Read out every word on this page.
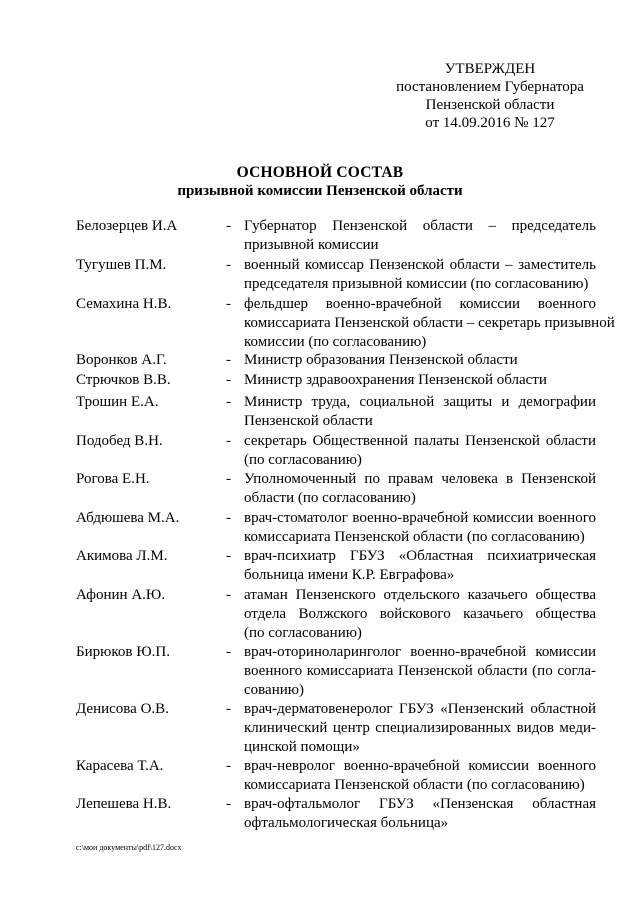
УТВЕРЖДЕН
постановлением Губернатора
Пензенской области
от 14.09.2016 № 127
ОСНОВНОЙ СОСТАВ
призывной комиссии Пензенской области
Белозерцев И.А	- Губернатор Пензенской области – председатель
призывной комиссии
Тугушев П.М.	- военный комиссар Пензенской области – заместитель
председателя призывной комиссии (по согласованию)
Семахина Н.В.	- фельдшер военно-врачебной комиссии военного
комиссариата Пензенской области – секретарь призывной
комиссии (по согласованию)
Воронков А.Г.	- Министр образования Пензенской области
Стрючков В.В.	- Министр здравоохранения Пензенской области
Трошин Е.А.	- Министр труда, социальной защиты и демографии
Пензенской области
Подобед В.Н.	- секретарь Общественной палаты Пензенской области
(по согласованию)
Рогова Е.Н.	- Уполномоченный по правам человека в Пензенской
области (по согласованию)
Абдюшева М.А.	- врач-стоматолог военно-врачебной комиссии военного
комиссариата Пензенской области (по согласованию)
Акимова Л.М.	- врач-психиатр ГБУЗ «Областная психиатрическая
больница имени К.Р. Евграфова»
Афонин А.Ю.	- атаман Пензенского отдельского казачьего общества
отдела Волжского войскового казачьего общества
(по согласованию)
Бирюков Ю.П.	- врач-оториноларинголог военно-врачебной комиссии
военного комиссариата Пензенской области (по согла-
сованию)
Денисова О.В.	- врач-дерматовенеролог ГБУЗ «Пензенский областной
клинический центр специализированных видов меди-
цинской помощи»
Карасева Т.А.	- врач-невролог военно-врачебной комиссии военного
комиссариата Пензенской области (по согласованию)
Лепешева Н.В.	- врач-офтальмолог ГБУЗ «Пензенская областная
офтальмологическая больница»
c:\мои документы\pdf\127.docx
